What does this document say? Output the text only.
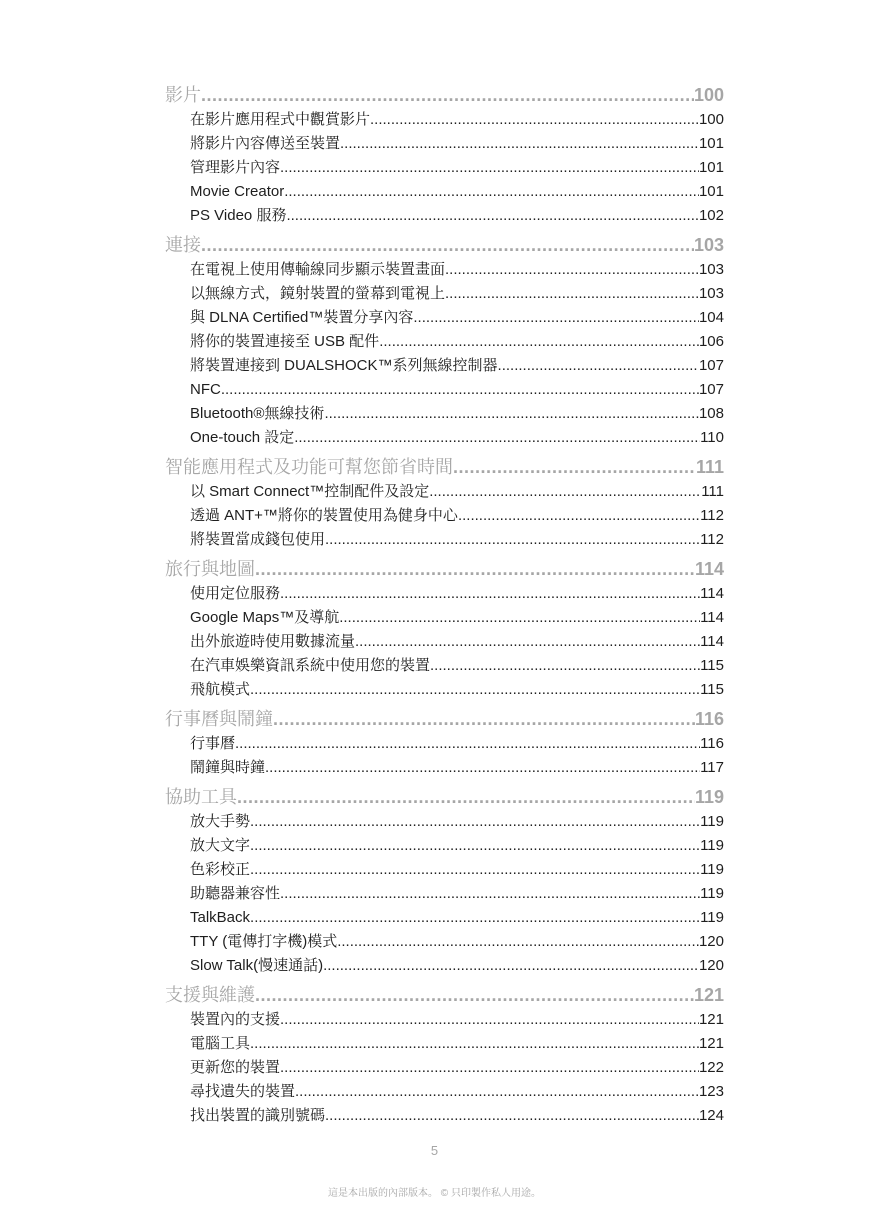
影片 .....	100
在影片應用程式中觀賞影片 .....	100
將影片內容傳送至裝置 .....	101
管理影片內容 .....	101
Movie Creator .....	101
PS Video 服務 .....	102
連接 .....	103
在電視上使用傳輸線同步顯示裝置畫面 .....	103
以無線方式，鏡射裝置的螢幕到電視上 .....	103
與 DLNA Certified™裝置分享內容 .....	104
將你的裝置連接至 USB 配件 .....	106
將裝置連接到 DUALSHOCK™系列無線控制器 .....	107
NFC .....	107
Bluetooth®無線技術 .....	108
One-touch 設定 .....	110
智能應用程式及功能可幫您節省時間 .....	111
以 Smart Connect™控制配件及設定 .....	111
透過 ANT+™將你的裝置使用為健身中心 .....	112
將裝置當成錢包使用 .....	112
旅行與地圖 .....	114
使用定位服務 .....	114
Google Maps™及導航 .....	114
出外旅遊時使用數據流量 .....	114
在汽車娛樂資訊系統中使用您的裝置 .....	115
飛航模式 .....	115
行事曆與鬧鐘 .....	116
行事曆 .....	116
鬧鐘與時鐘 .....	117
協助工具 .....	119
放大手勢 .....	119
放大文字 .....	119
色彩校正 .....	119
助聽器兼容性 .....	119
TalkBack .....	119
TTY (電傳打字機)模式 .....	120
Slow Talk(慢速通話) .....	120
支援與維護 .....	121
裝置內的支援 .....	121
電腦工具 .....	121
更新您的裝置 .....	122
尋找遺失的裝置 .....	123
找出裝置的識別號碼 .....	124
5
這是本出版的內部版本。 © 只印製作私人用途。
